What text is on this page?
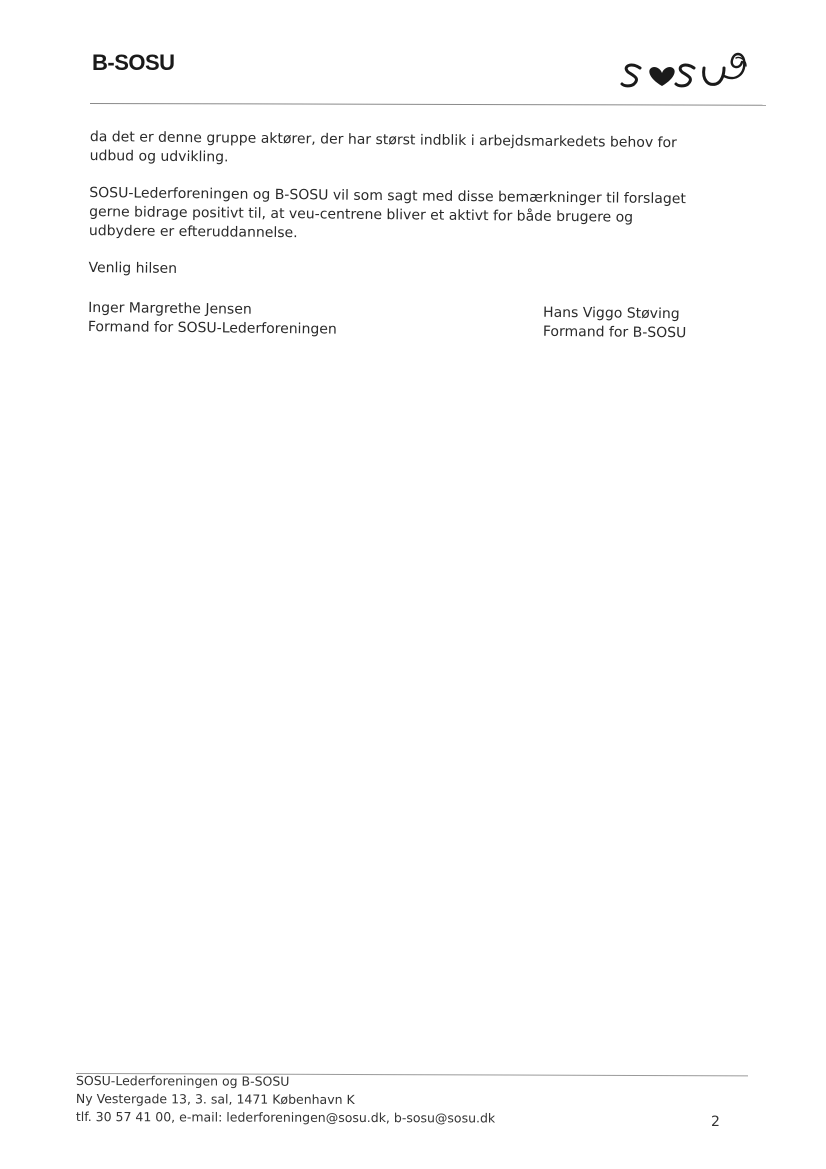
B-SOSU

da det er denne gruppe aktører, der har størst indblik i arbejdsmarkedets behov for
udbud og udvikling.

SOSU-Lederforeningen og B-SOSU vil som sagt med disse bemærkninger til forslaget
gerne bidrage positivt til, at veu-centrene bliver et aktivt for både brugere og
udbydere er efteruddannelse.

Venlig hilsen

Inger Margrethe Jensen
Formand for SOSU-Lederforeningen
Hans Viggo Støving
Formand for B-SOSU

SOSU-Lederforeningen og B-SOSU

Ny Vestergade 13, 3. sal, 1471 København K

tlf. 30 57 41 00, e-mail: lederforeningen@sosu.dk, b-sosu@sosu.dk	2
